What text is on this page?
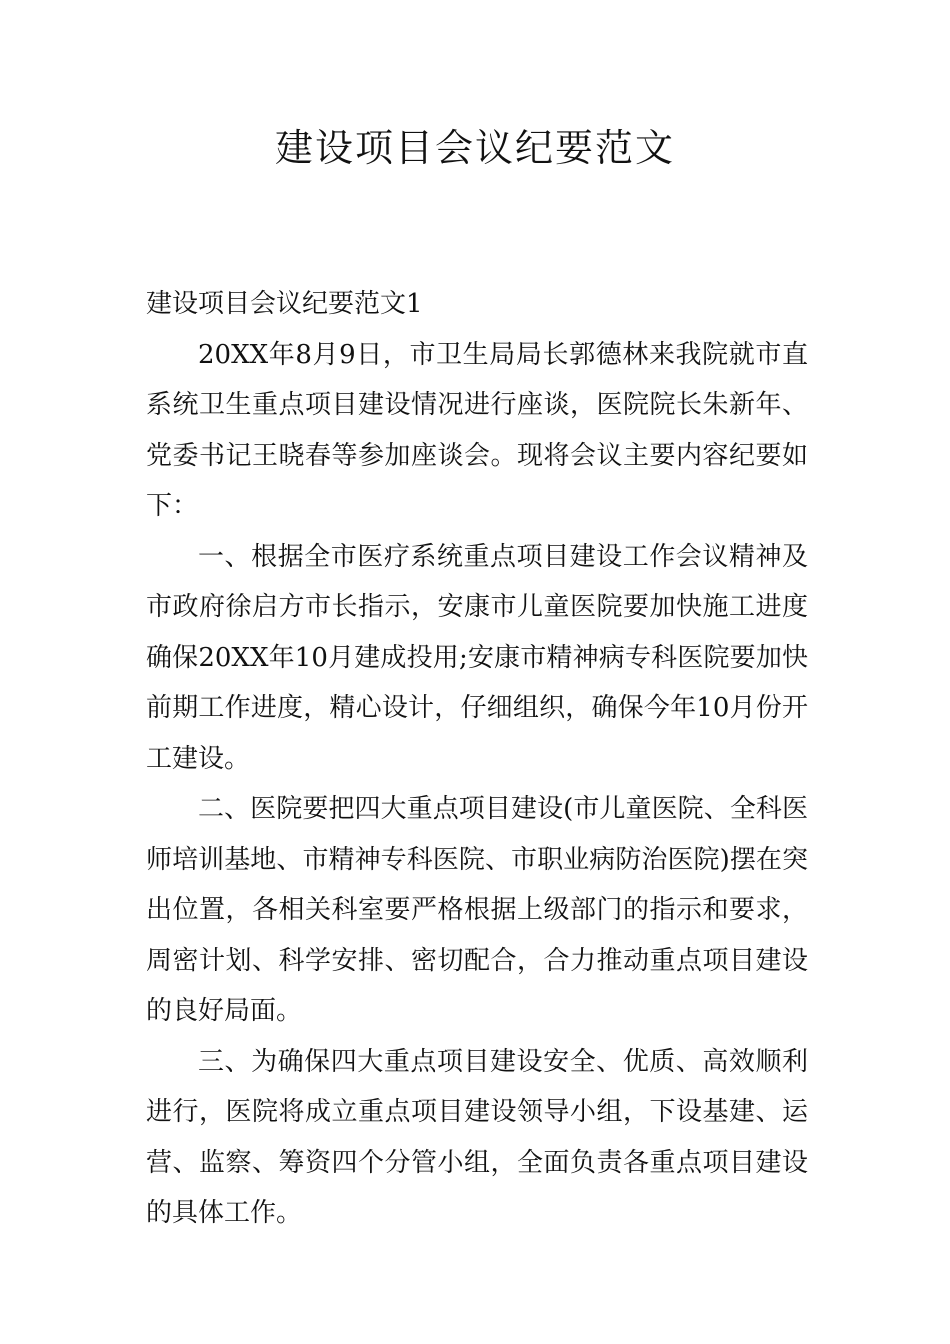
建设项目会议纪要范文

建设项目会议纪要范文1

20XX年8月9日，市卫生局局长郭德林来我院就市直系统卫生重点项目建设情况进行座谈，医院院长朱新年、党委书记王晓春等参加座谈会。现将会议主要内容纪要如下：

一、根据全市医疗系统重点项目建设工作会议精神及市政府徐启方市长指示，安康市儿童医院要加快施工进度确保20XX年10月建成投用;安康市精神病专科医院要加快前期工作进度，精心设计，仔细组织，确保今年10月份开工建设。

二、医院要把四大重点项目建设(市儿童医院、全科医师培训基地、市精神专科医院、市职业病防治医院)摆在突出位置，各相关科室要严格根据上级部门的指示和要求，周密计划、科学安排、密切配合，合力推动重点项目建设的良好局面。

三、为确保四大重点项目建设安全、优质、高效顺利进行，医院将成立重点项目建设领导小组，下设基建、运营、监察、筹资四个分管小组，全面负责各重点项目建设的具体工作。
